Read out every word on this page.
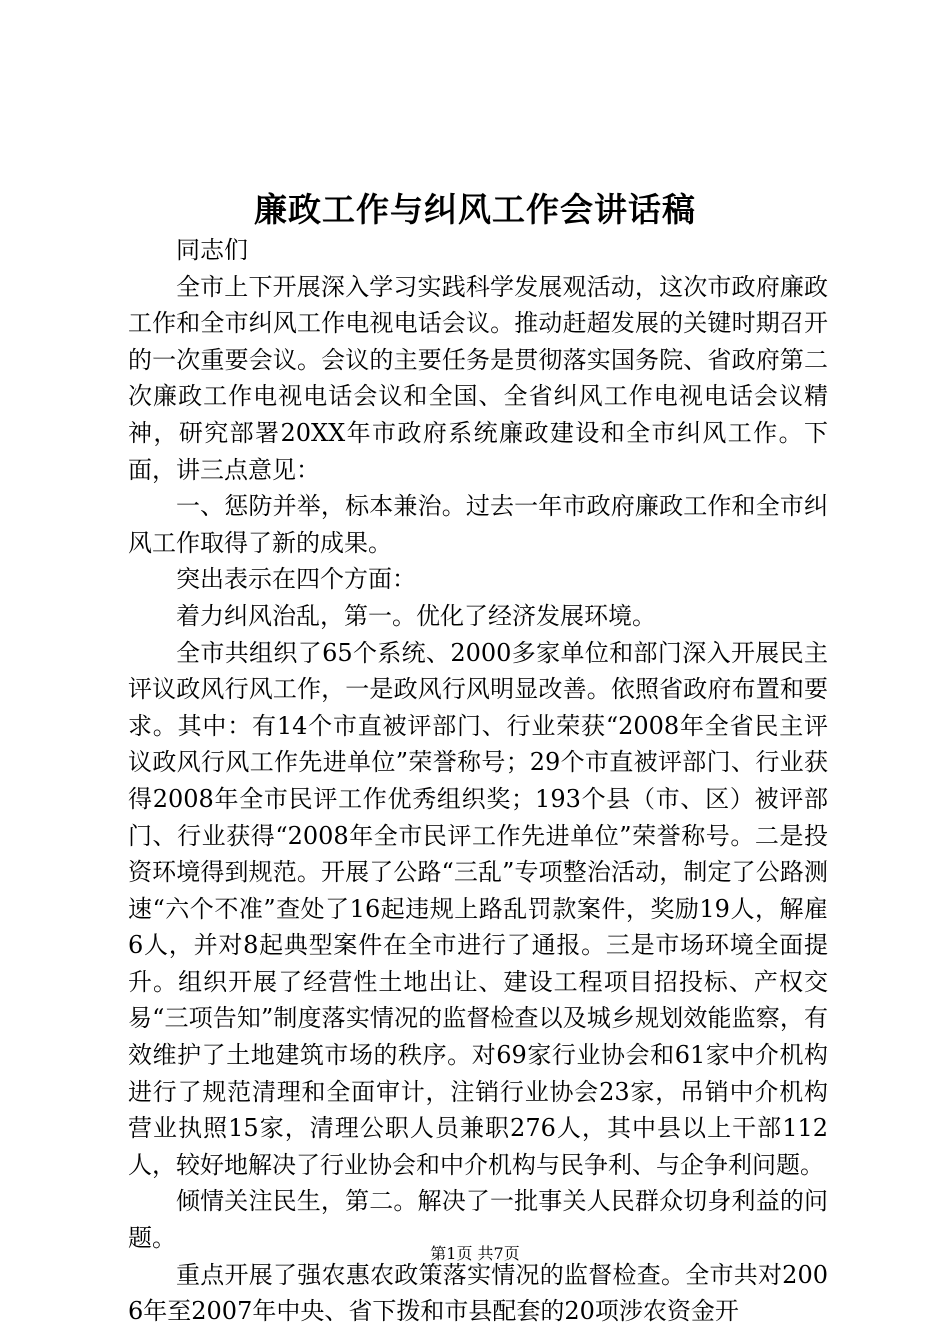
廉政工作与纠风工作会讲话稿

同志们

全市上下开展深入学习实践科学发展观活动，这次市政府廉政工作和全市纠风工作电视电话会议。推动赶超发展的关键时期召开的一次重要会议。会议的主要任务是贯彻落实国务院、省政府第二次廉政工作电视电话会议和全国、全省纠风工作电视电话会议精神，研究部署20XX年市政府系统廉政建设和全市纠风工作。下面，讲三点意见：

一、惩防并举，标本兼治。过去一年市政府廉政工作和全市纠风工作取得了新的成果。

突出表示在四个方面：

着力纠风治乱，第一。优化了经济发展环境。

全市共组织了65个系统、2000多家单位和部门深入开展民主评议政风行风工作，一是政风行风明显改善。依照省政府布置和要求。其中：有14个市直被评部门、行业荣获“2008年全省民主评议政风行风工作先进单位”荣誉称号；29个市直被评部门、行业获得2008年全市民评工作优秀组织奖；193个县（市、区）被评部门、行业获得“2008年全市民评工作先进单位”荣誉称号。二是投资环境得到规范。开展了公路“三乱”专项整治活动，制定了公路测速“六个不准”查处了16起违规上路乱罚款案件，奖励19人，解雇6人，并对8起典型案件在全市进行了通报。三是市场环境全面提升。组织开展了经营性土地出让、建设工程项目招投标、产权交易“三项告知”制度落实情况的监督检查以及城乡规划效能监察，有效维护了土地建筑市场的秩序。对69家行业协会和61家中介机构进行了规范清理和全面审计，注销行业协会23家，吊销中介机构营业执照15家，清理公职人员兼职276人，其中县以上干部112人，较好地解决了行业协会和中介机构与民争利、与企争利问题。

倾情关注民生，第二。解决了一批事关人民群众切身利益的问题。

重点开展了强农惠农政策落实情况的监督检查。全市共对2006年至2007年中央、省下拨和市县配套的20项涉农资金开

第1页 共7页
